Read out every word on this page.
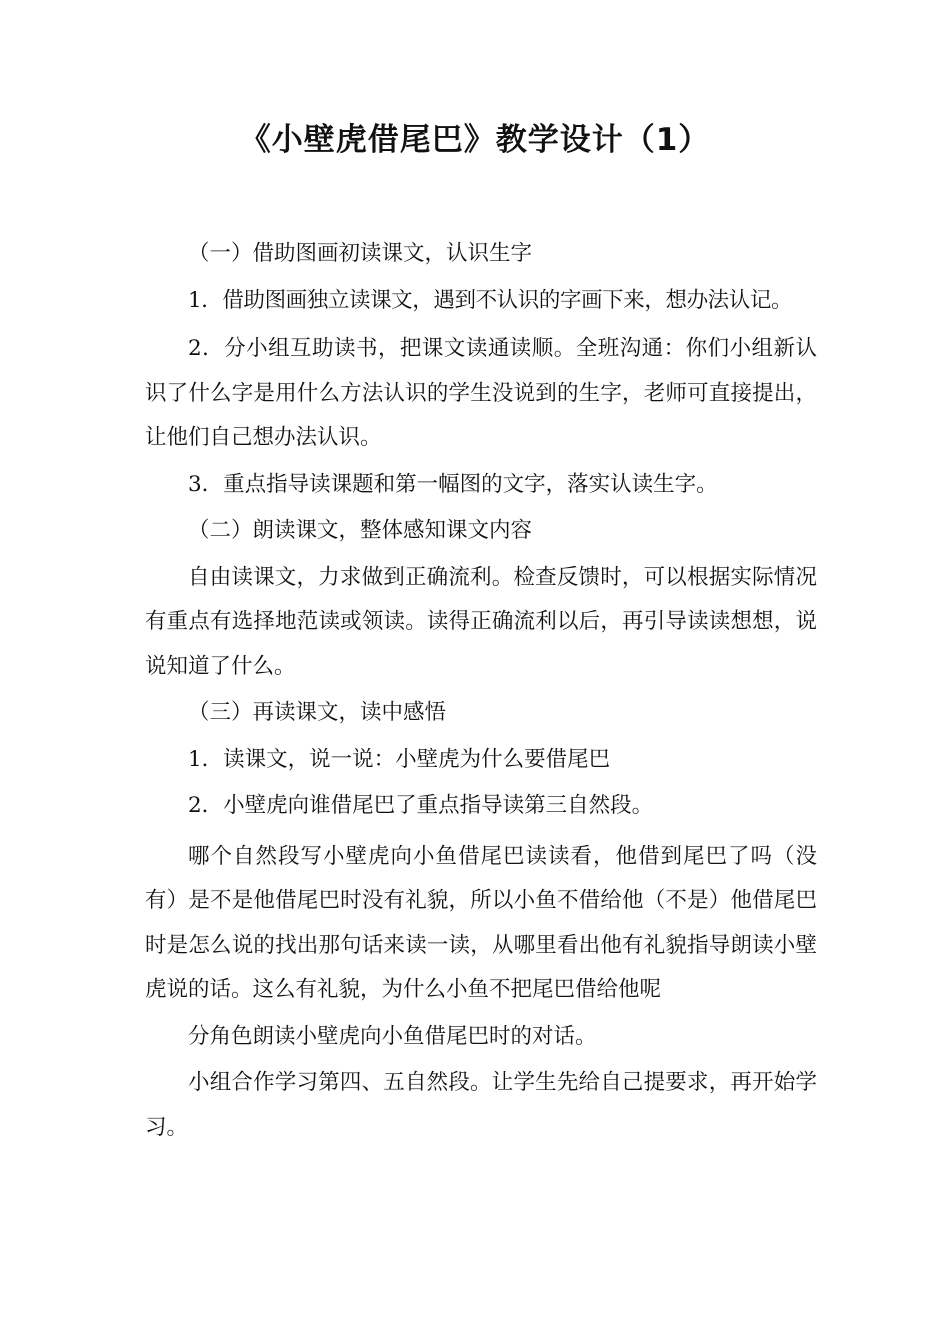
《小壁虎借尾巴》教学设计（1）

（一）借助图画初读课文，认识生字

1．借助图画独立读课文，遇到不认识的字画下来，想办法认记。

2．分小组互助读书，把课文读通读顺。全班沟通：你们小组新认识了什么字是用什么方法认识的学生没说到的生字，老师可直接提出，让他们自己想办法认识。

3．重点指导读课题和第一幅图的文字，落实认读生字。

（二）朗读课文，整体感知课文内容

自由读课文，力求做到正确流利。检查反馈时，可以根据实际情况有重点有选择地范读或领读。读得正确流利以后，再引导读读想想，说说知道了什么。

（三）再读课文，读中感悟

1．读课文，说一说：小壁虎为什么要借尾巴

2．小壁虎向谁借尾巴了重点指导读第三自然段。

哪个自然段写小壁虎向小鱼借尾巴读读看，他借到尾巴了吗（没有）是不是他借尾巴时没有礼貌，所以小鱼不借给他（不是）他借尾巴时是怎么说的找出那句话来读一读，从哪里看出他有礼貌指导朗读小壁虎说的话。这么有礼貌，为什么小鱼不把尾巴借给他呢

分角色朗读小壁虎向小鱼借尾巴时的对话。

小组合作学习第四、五自然段。让学生先给自己提要求，再开始学习。
